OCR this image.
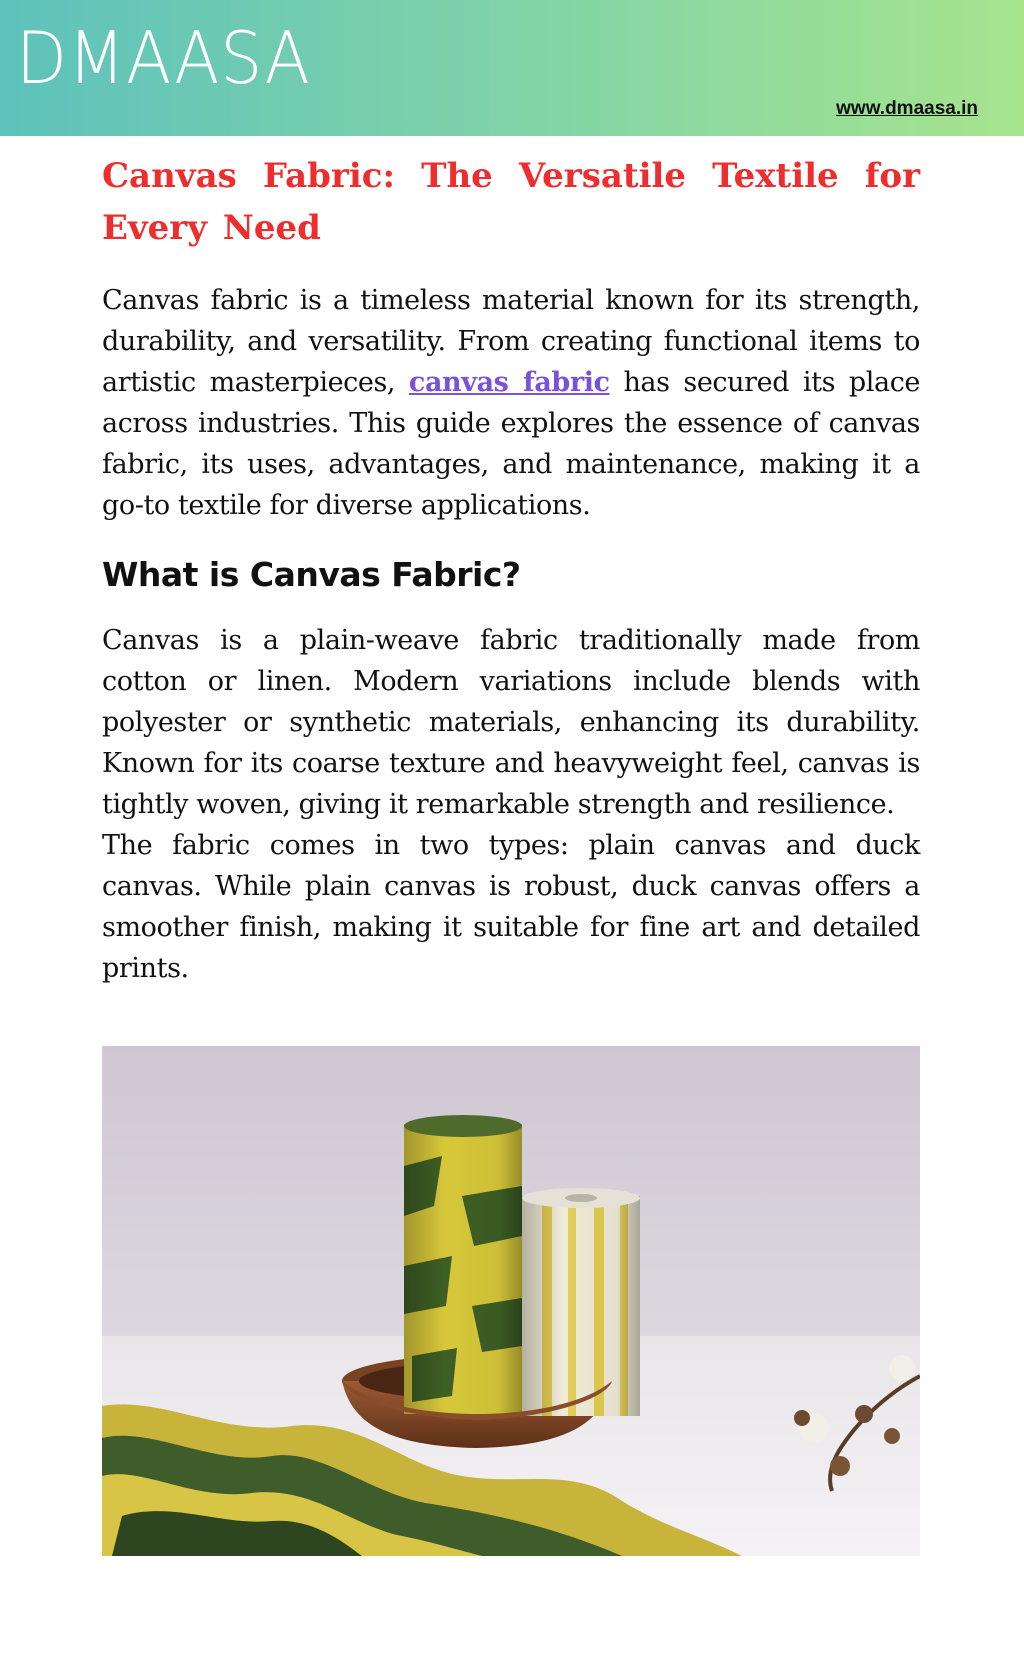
DMAASA
www.dmaasa.in
Canvas Fabric: The Versatile Textile for Every Need

Canvas fabric is a timeless material known for its strength, durability, and versatility. From creating functional items to artistic masterpieces, canvas fabric has secured its place across industries. This guide explores the essence of canvas fabric, its uses, advantages, and maintenance, making it a go-to textile for diverse applications.

What is Canvas Fabric?

Canvas is a plain-weave fabric traditionally made from cotton or linen. Modern variations include blends with polyester or synthetic materials, enhancing its durability. Known for its coarse texture and heavyweight feel, canvas is tightly woven, giving it remarkable strength and resilience.

The fabric comes in two types: plain canvas and duck canvas. While plain canvas is robust, duck canvas offers a smoother finish, making it suitable for fine art and detailed prints.
